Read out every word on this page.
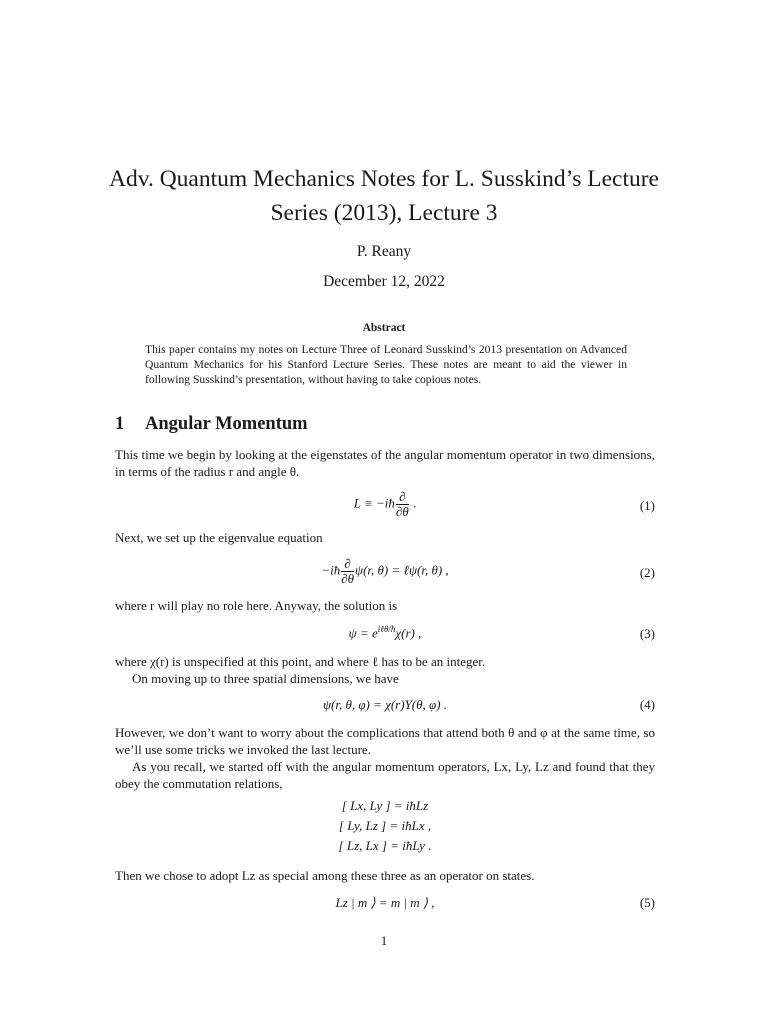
Adv. Quantum Mechanics Notes for L. Susskind’s Lecture
Series (2013), Lecture 3
P. Reany
December 12, 2022
Abstract
This paper contains my notes on Lecture Three of Leonard Susskind’s 2013 presentation on Advanced Quantum Mechanics for his Stanford Lecture Series. These notes are meant to aid the viewer in following Susskind’s presentation, without having to take copious notes.
1 Angular Momentum
This time we begin by looking at the eigenstates of the angular momentum operator in two dimensions, in terms of the radius r and angle θ.
L ≡ −iħ $\frac{\partial}{\partial\theta}$ .	(1)
Next, we set up the eigenvalue equation
−iħ $\frac{\partial}{\partial\theta} \psi(r$, θ) = ℓψ(r, θ) ,	(2)
where r will play no role here. Anyway, the solution is
$\psi = e^{i\ell\theta/ħ}\chi(r)$ ,	(3)
where χ(r) is unspecified at this point, and where ℓ has to be an integer.
On moving up to three spatial dimensions, we have
ψ(r, θ, φ) = χ(r)Y(θ, φ) .	(4)
However, we don’t want to worry about the complications that attend both θ and φ at the same time, so we’ll use some tricks we invoked the last lecture.
As you recall, we started off with the angular momentum operators, Lx, Ly, Lz and found that they obey the commutation relations,
[ Lx, Ly ] = iħLz
[ Ly, Lz ] = iħLx ,
[ Lz, Lx ] = iħLy .
Then we chose to adopt Lz as special among these three as an operator on states.
Lz | m ⟩ = m | m ⟩ ,	(5)
1
